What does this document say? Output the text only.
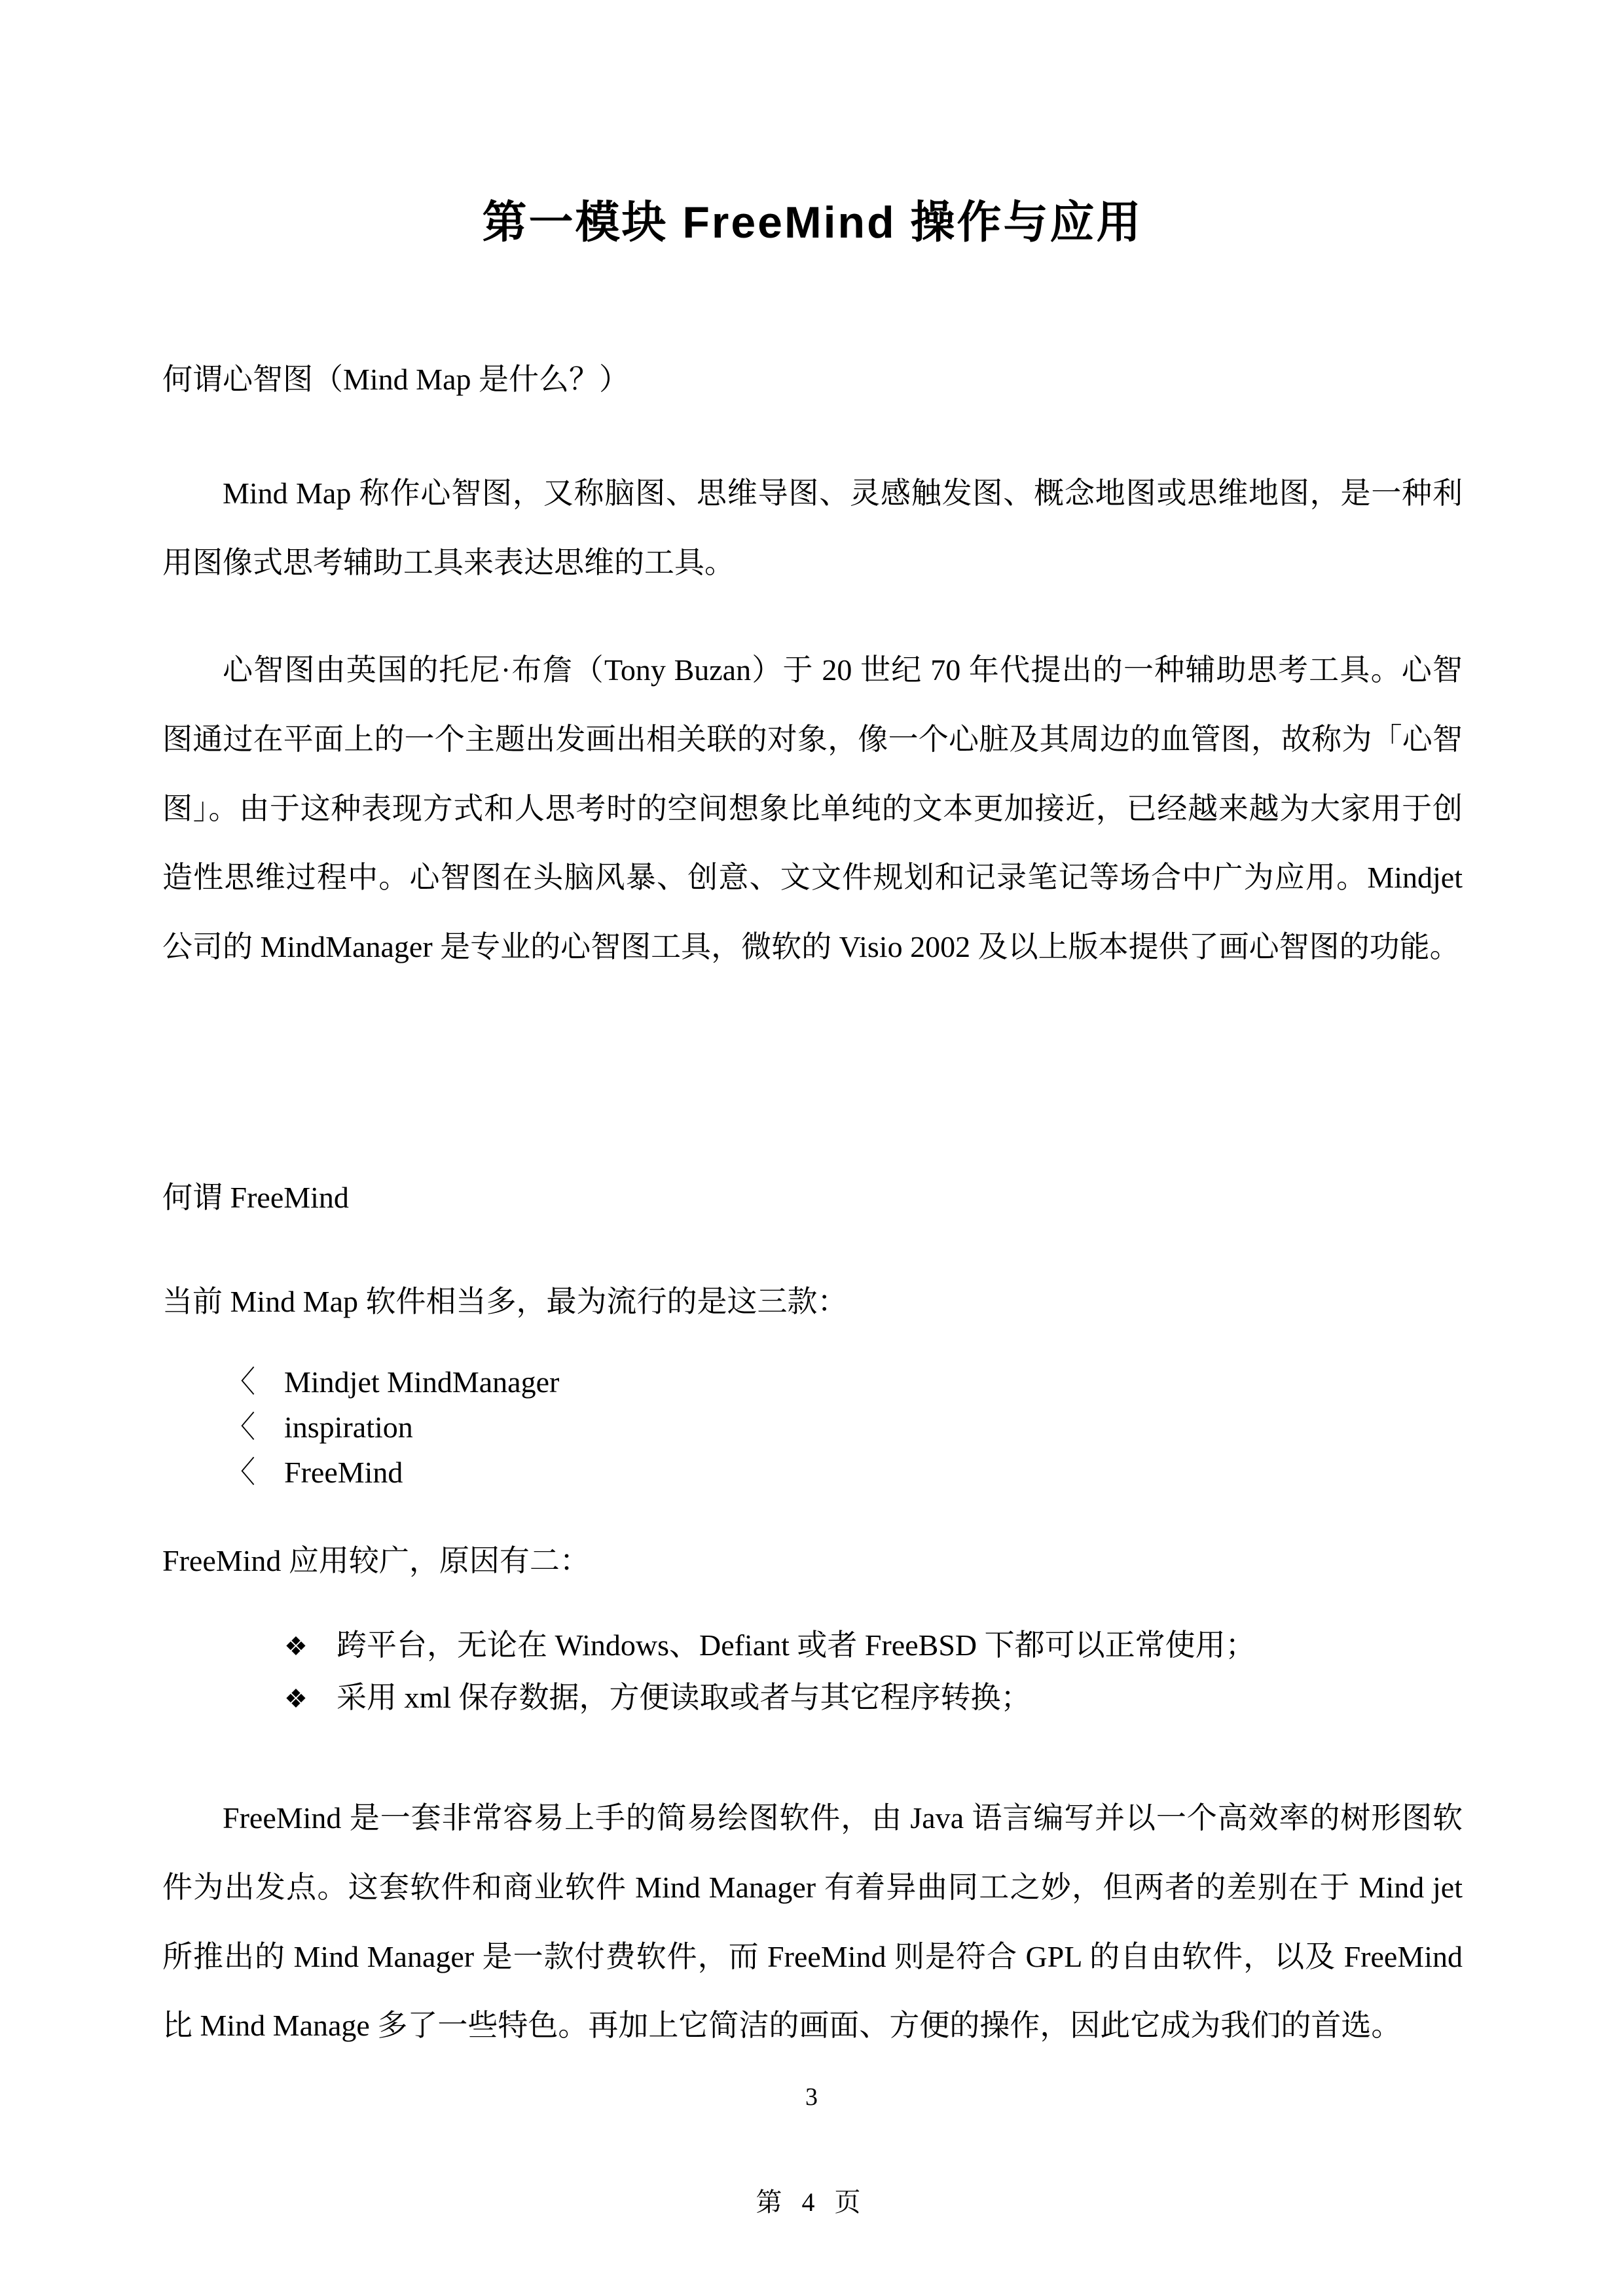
第一模块 FreeMind 操作与应用
何谓心智图（Mind Map 是什么？）

Mind Map 称作心智图，又称脑图、思维导图、灵感触发图、概念地图或思维地图，是一种利用图像式思考辅助工具来表达思维的工具。

心智图由英国的托尼·布詹（Tony Buzan）于 20 世纪 70 年代提出的一种辅助思考工具。心智图通过在平面上的一个主题出发画出相关联的对象，像一个心脏及其周边的血管图，故称为「心智图」。由于这种表现方式和人思考时的空间想象比单纯的文本更加接近，已经越来越为大家用于创造性思维过程中。心智图在头脑风暴、创意、文文件规划和记录笔记等场合中广为应用。Mindjet 公司的 MindManager 是专业的心智图工具，微软的 Visio 2002 及以上版本提供了画心智图的功能。

何谓 FreeMind

当前 Mind Map 软件相当多，最为流行的是这三款：

〈 Mindjet MindManager
〈 inspiration
〈 FreeMind

FreeMind 应用较广，原因有二：

❖ 跨平台，无论在 Windows、Defiant 或者 FreeBSD 下都可以正常使用；
❖ 采用 xml 保存数据，方便读取或者与其它程序转换；

FreeMind 是一套非常容易上手的简易绘图软件，由 Java 语言编写并以一个高效率的树形图软件为出发点。这套软件和商业软件 Mind Manager 有着异曲同工之妙，但两者的差别在于 Mind jet 所推出的 Mind Manager 是一款付费软件，而 FreeMind 则是符合 GPL 的自由软件，以及 FreeMind 比 Mind Manage 多了一些特色。再加上它简洁的画面、方便的操作，因此它成为我们的首选。

3
第 4 页
